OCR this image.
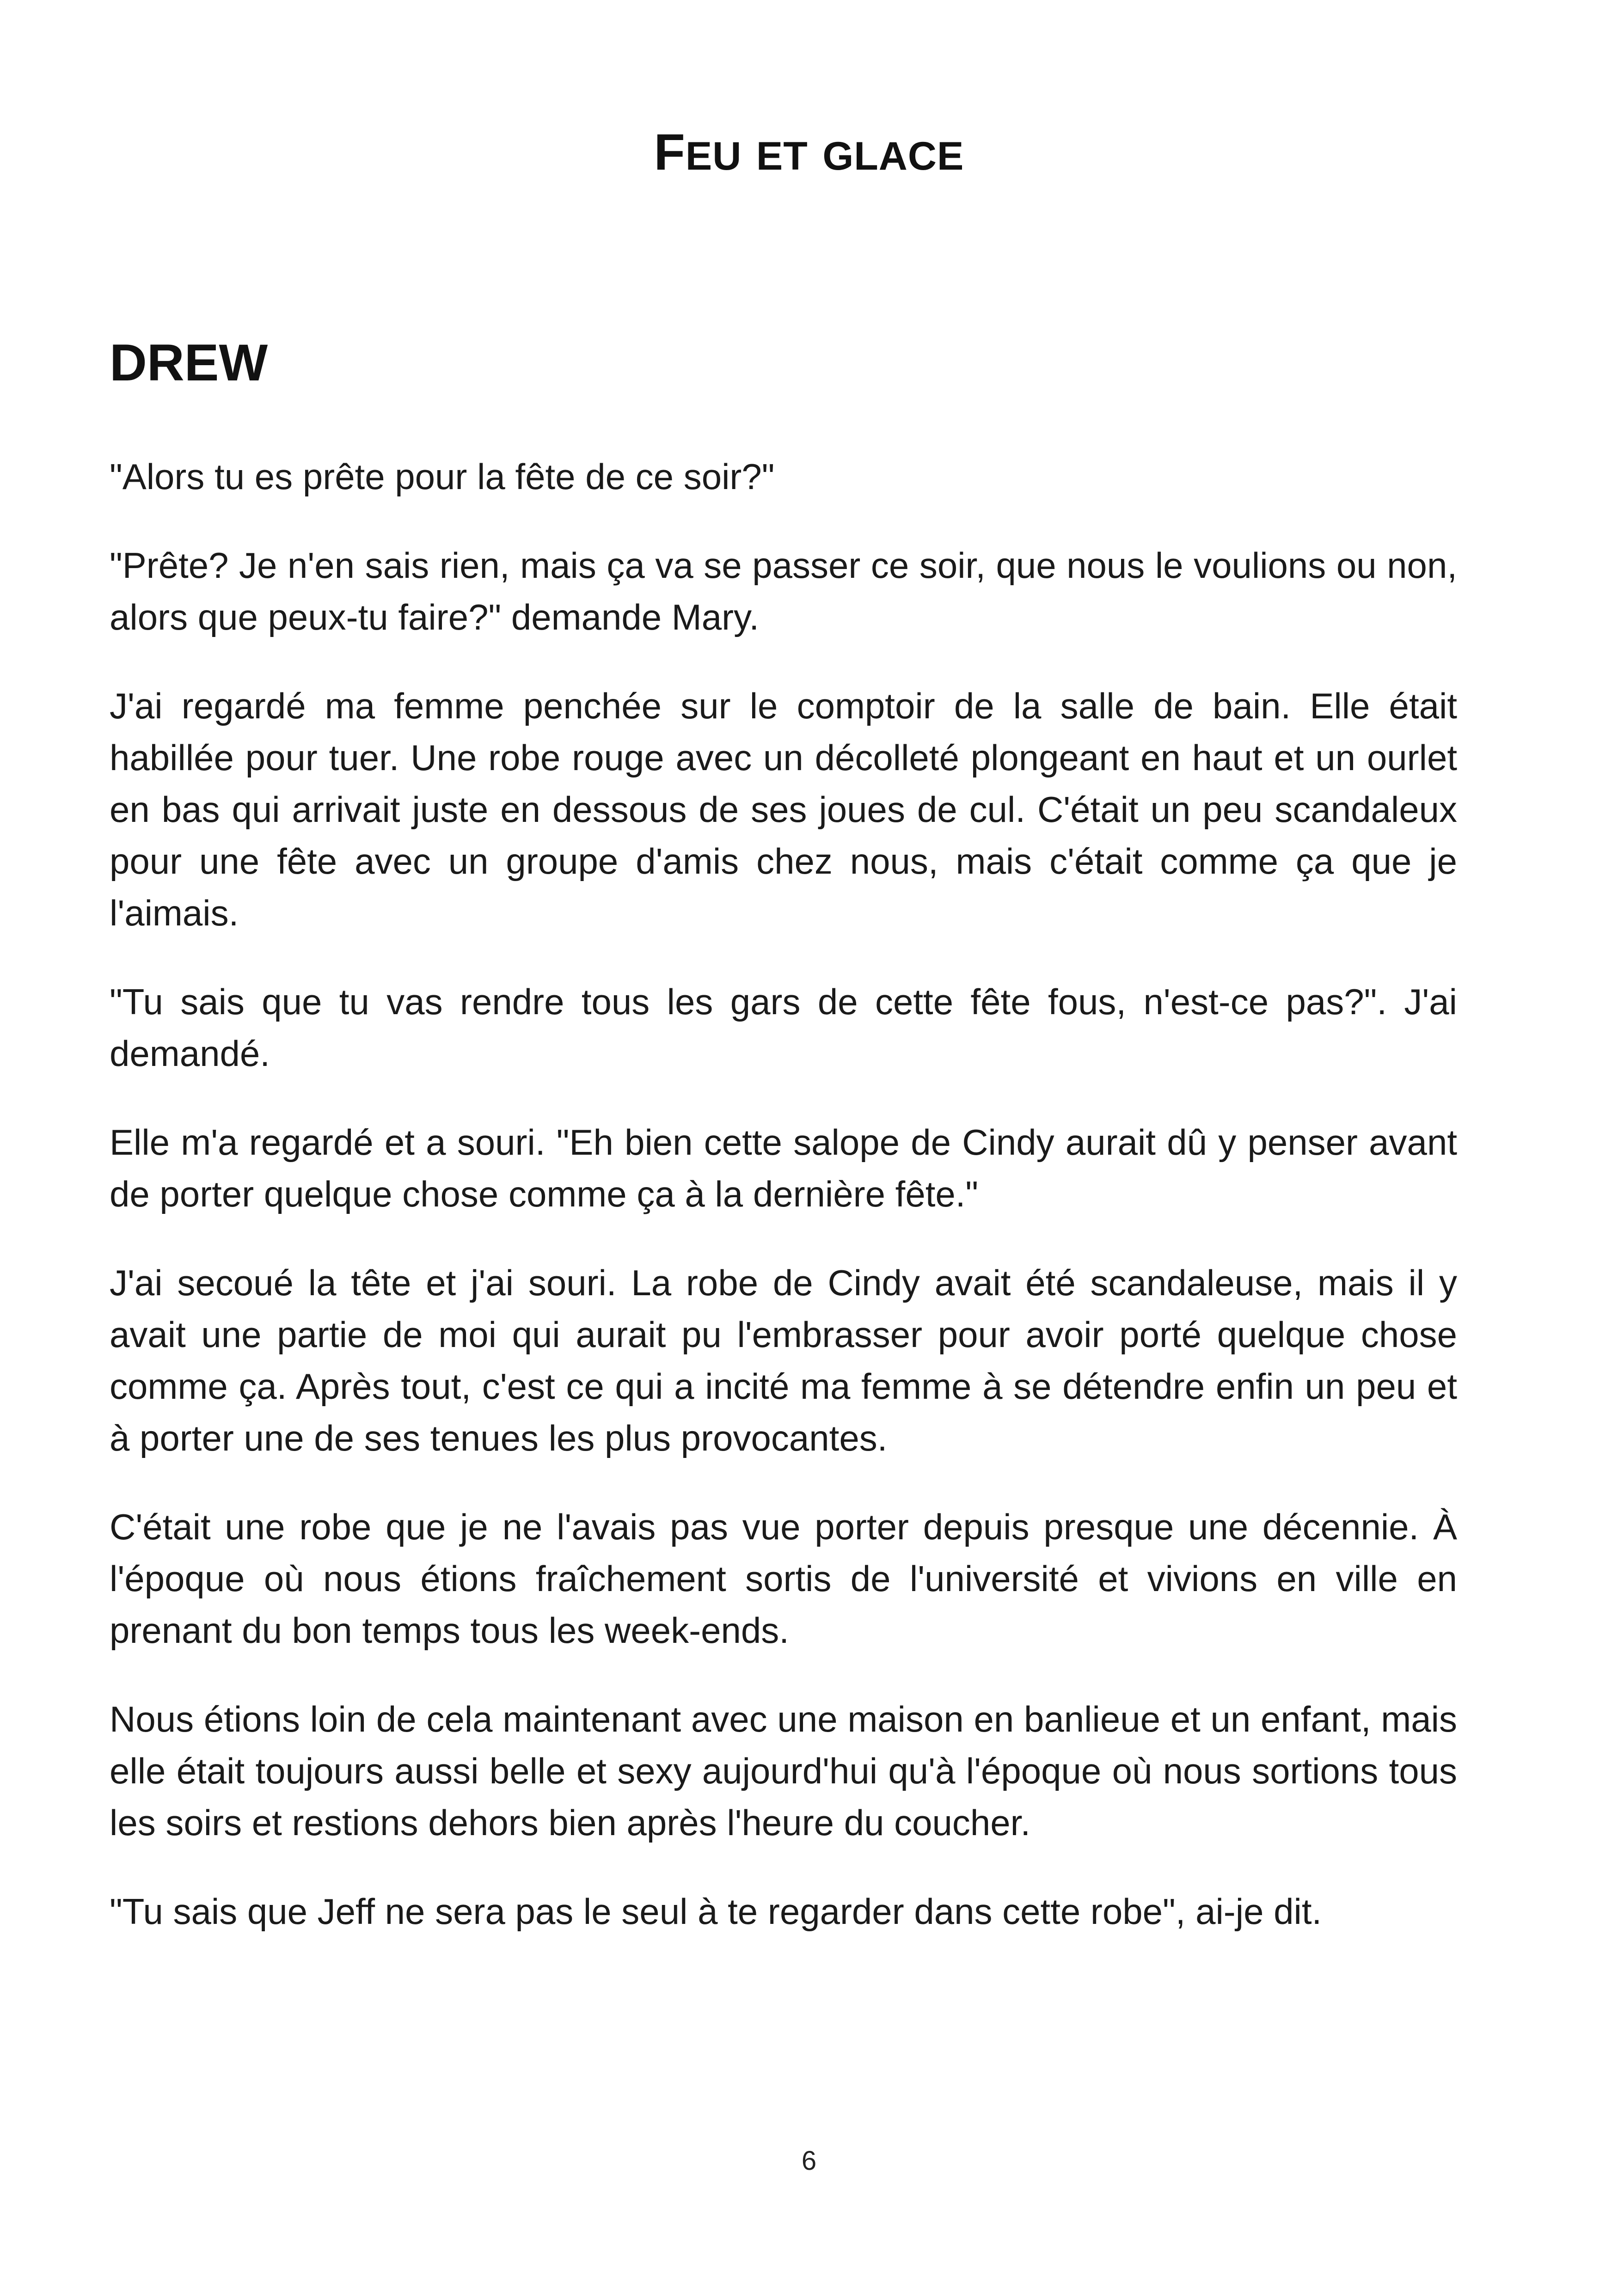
FEU ET GLACE
DREW

"Alors tu es prête pour la fête de ce soir?"

"Prête? Je n'en sais rien, mais ça va se passer ce soir, que nous le voulions ou non, alors que peux-tu faire?" demande Mary.

J'ai regardé ma femme penchée sur le comptoir de la salle de bain. Elle était habillée pour tuer. Une robe rouge avec un décolleté plongeant en haut et un ourlet en bas qui arrivait juste en dessous de ses joues de cul. C'était un peu scandaleux pour une fête avec un groupe d'amis chez nous, mais c'était comme ça que je l'aimais.

"Tu sais que tu vas rendre tous les gars de cette fête fous, n'est-ce pas?". J'ai demandé.

Elle m'a regardé et a souri. "Eh bien cette salope de Cindy aurait dû y penser avant de porter quelque chose comme ça à la dernière fête."

J'ai secoué la tête et j'ai souri. La robe de Cindy avait été scandaleuse, mais il y avait une partie de moi qui aurait pu l'embrasser pour avoir porté quelque chose comme ça. Après tout, c'est ce qui a incité ma femme à se détendre enfin un peu et à porter une de ses tenues les plus provocantes.

C'était une robe que je ne l'avais pas vue porter depuis presque une décennie. À l'époque où nous étions fraîchement sortis de l'université et vivions en ville en prenant du bon temps tous les week-ends.

Nous étions loin de cela maintenant avec une maison en banlieue et un enfant, mais elle était toujours aussi belle et sexy aujourd'hui qu'à l'époque où nous sortions tous les soirs et restions dehors bien après l'heure du coucher.

"Tu sais que Jeff ne sera pas le seul à te regarder dans cette robe", ai-je dit.

6
